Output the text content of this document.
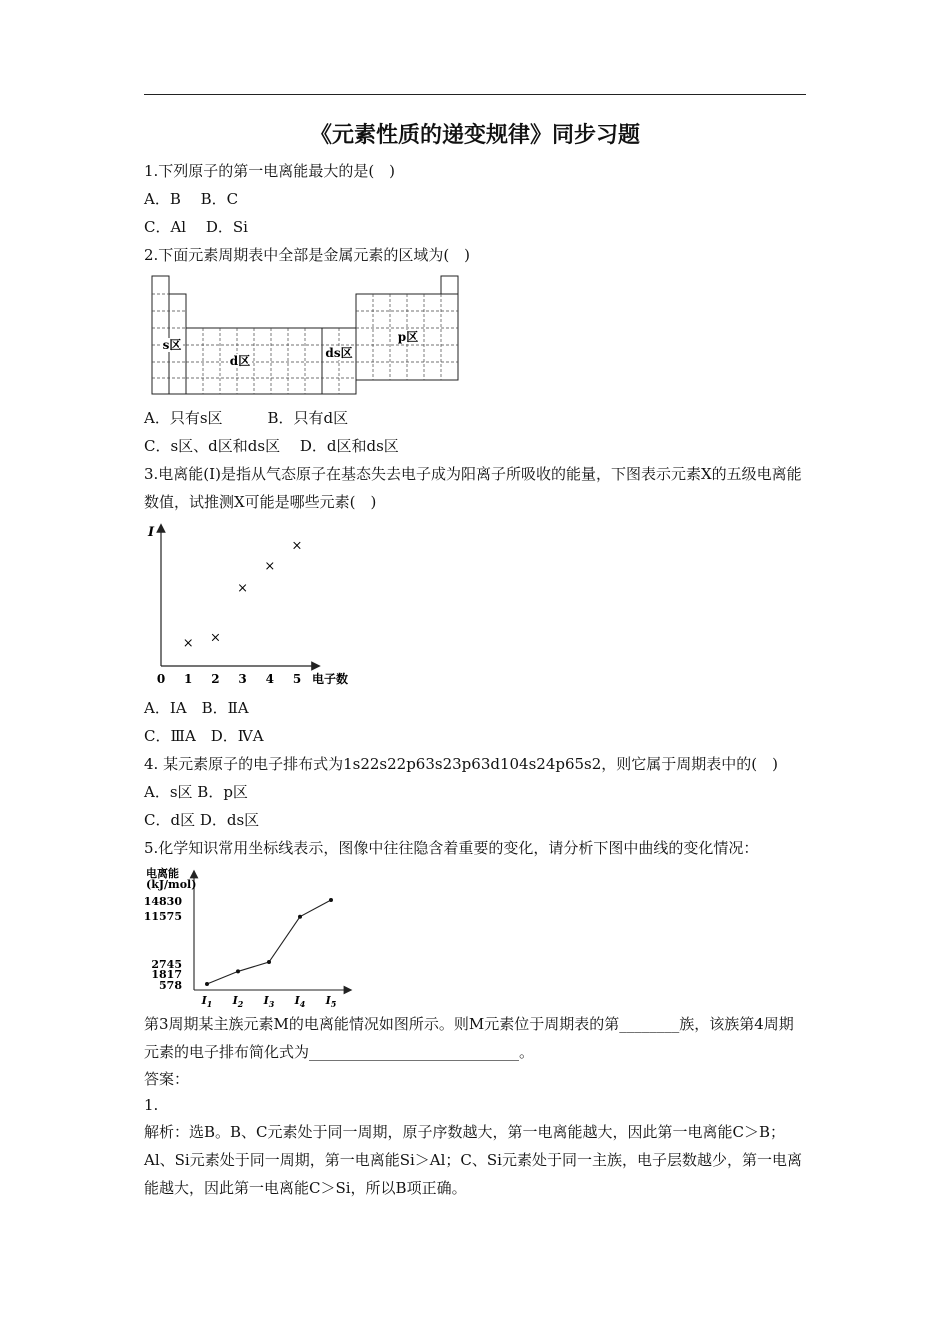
《元素性质的递变规律》同步习题
1.下列原子的第一电离能最大的是(　)
A．B　 B．C
C．Al　 D．Si
2.下面元素周期表中全部是金属元素的区域为(　)
s区
d区
ds区
p区
A．只有s区　　　B．只有d区
C．s区、d区和ds区　 D．d区和ds区
3.电离能(I)是指从气态原子在基态失去电子成为阳离子所吸收的能量，下图表示元素X的五级电离能数值，试推测X可能是哪些元素(　)
I
电子数
0 1 2 3 4 5
× ×
×
×
×
A．ⅠA　B．ⅡA
C．ⅢA　D．ⅣA
4. 某元素原子的电子排布式为1s22s22p63s23p63d104s24p65s2，则它属于周期表中的(　)
A．s区 B．p区
C．d区 D．ds区
5.化学知识常用坐标线表示，图像中往往隐含着重要的变化，请分析下图中曲线的变化情况：
电离能
(kJ/mol)
14830
11575
2745
1817
578
$I_1$ $I_2$ $I_3$ $I_4$ $I_5$
第3周期某主族元素M的电离能情况如图所示。则M元素位于周期表的第________族，该族第4周期元素的电子排布简化式为____________________________。
答案：
1.
解析：选B。B、C元素处于同一周期，原子序数越大，第一电离能越大，因此第一电离能C＞B；Al、Si元素处于同一周期，第一电离能Si＞Al；C、Si元素处于同一主族，电子层数越少，第一电离能越大，因此第一电离能C＞Si，所以B项正确。
